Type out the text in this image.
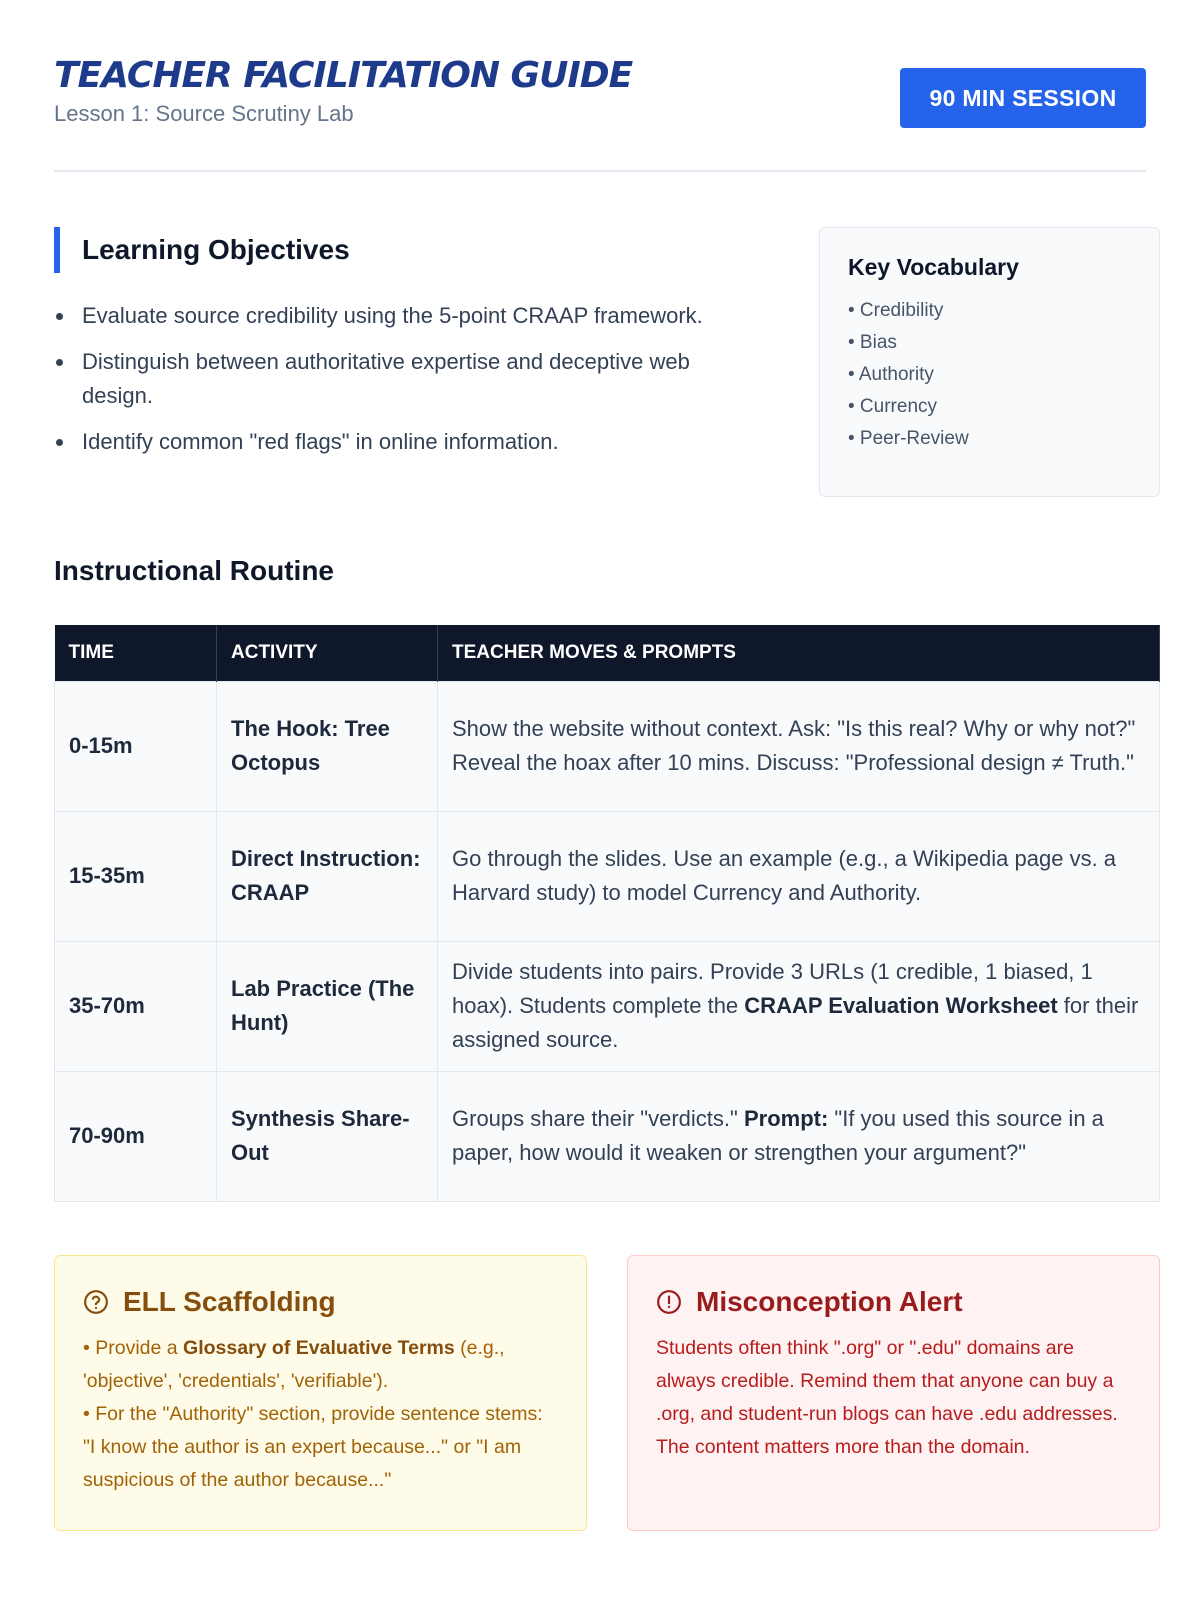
TEACHER FACILITATION GUIDE
Lesson 1: Source Scrutiny Lab
90 MIN SESSION
Learning Objectives
Evaluate source credibility using the 5-point CRAAP framework.
Distinguish between authoritative expertise and deceptive web design.
Identify common "red flags" in online information.
Key Vocabulary
• Credibility
• Bias
• Authority
• Currency
• Peer-Review
Instructional Routine
TIME	ACTIVITY	TEACHER MOVES & PROMPTS
0-15m	The Hook: Tree Octopus	Show the website without context. Ask: "Is this real? Why or why not?" Reveal the hoax after 10 mins. Discuss: "Professional design ≠ Truth."
15-35m	Direct Instruction: CRAAP	Go through the slides. Use an example (e.g., a Wikipedia page vs. a Harvard study) to model Currency and Authority.
35-70m	Lab Practice (The Hunt)	Divide students into pairs. Provide 3 URLs (1 credible, 1 biased, 1 hoax). Students complete the CRAAP Evaluation Worksheet for their assigned source.
70-90m	Synthesis Share-Out	Groups share their "verdicts." Prompt: "If you used this source in a paper, how would it weaken or strengthen your argument?"
ELL Scaffolding
• Provide a Glossary of Evaluative Terms (e.g., 'objective', 'credentials', 'verifiable').
• For the "Authority" section, provide sentence stems: "I know the author is an expert because..." or "I am suspicious of the author because..."
Misconception Alert
Students often think ".org" or ".edu" domains are always credible. Remind them that anyone can buy a .org, and student-run blogs can have .edu addresses. The content matters more than the domain.
